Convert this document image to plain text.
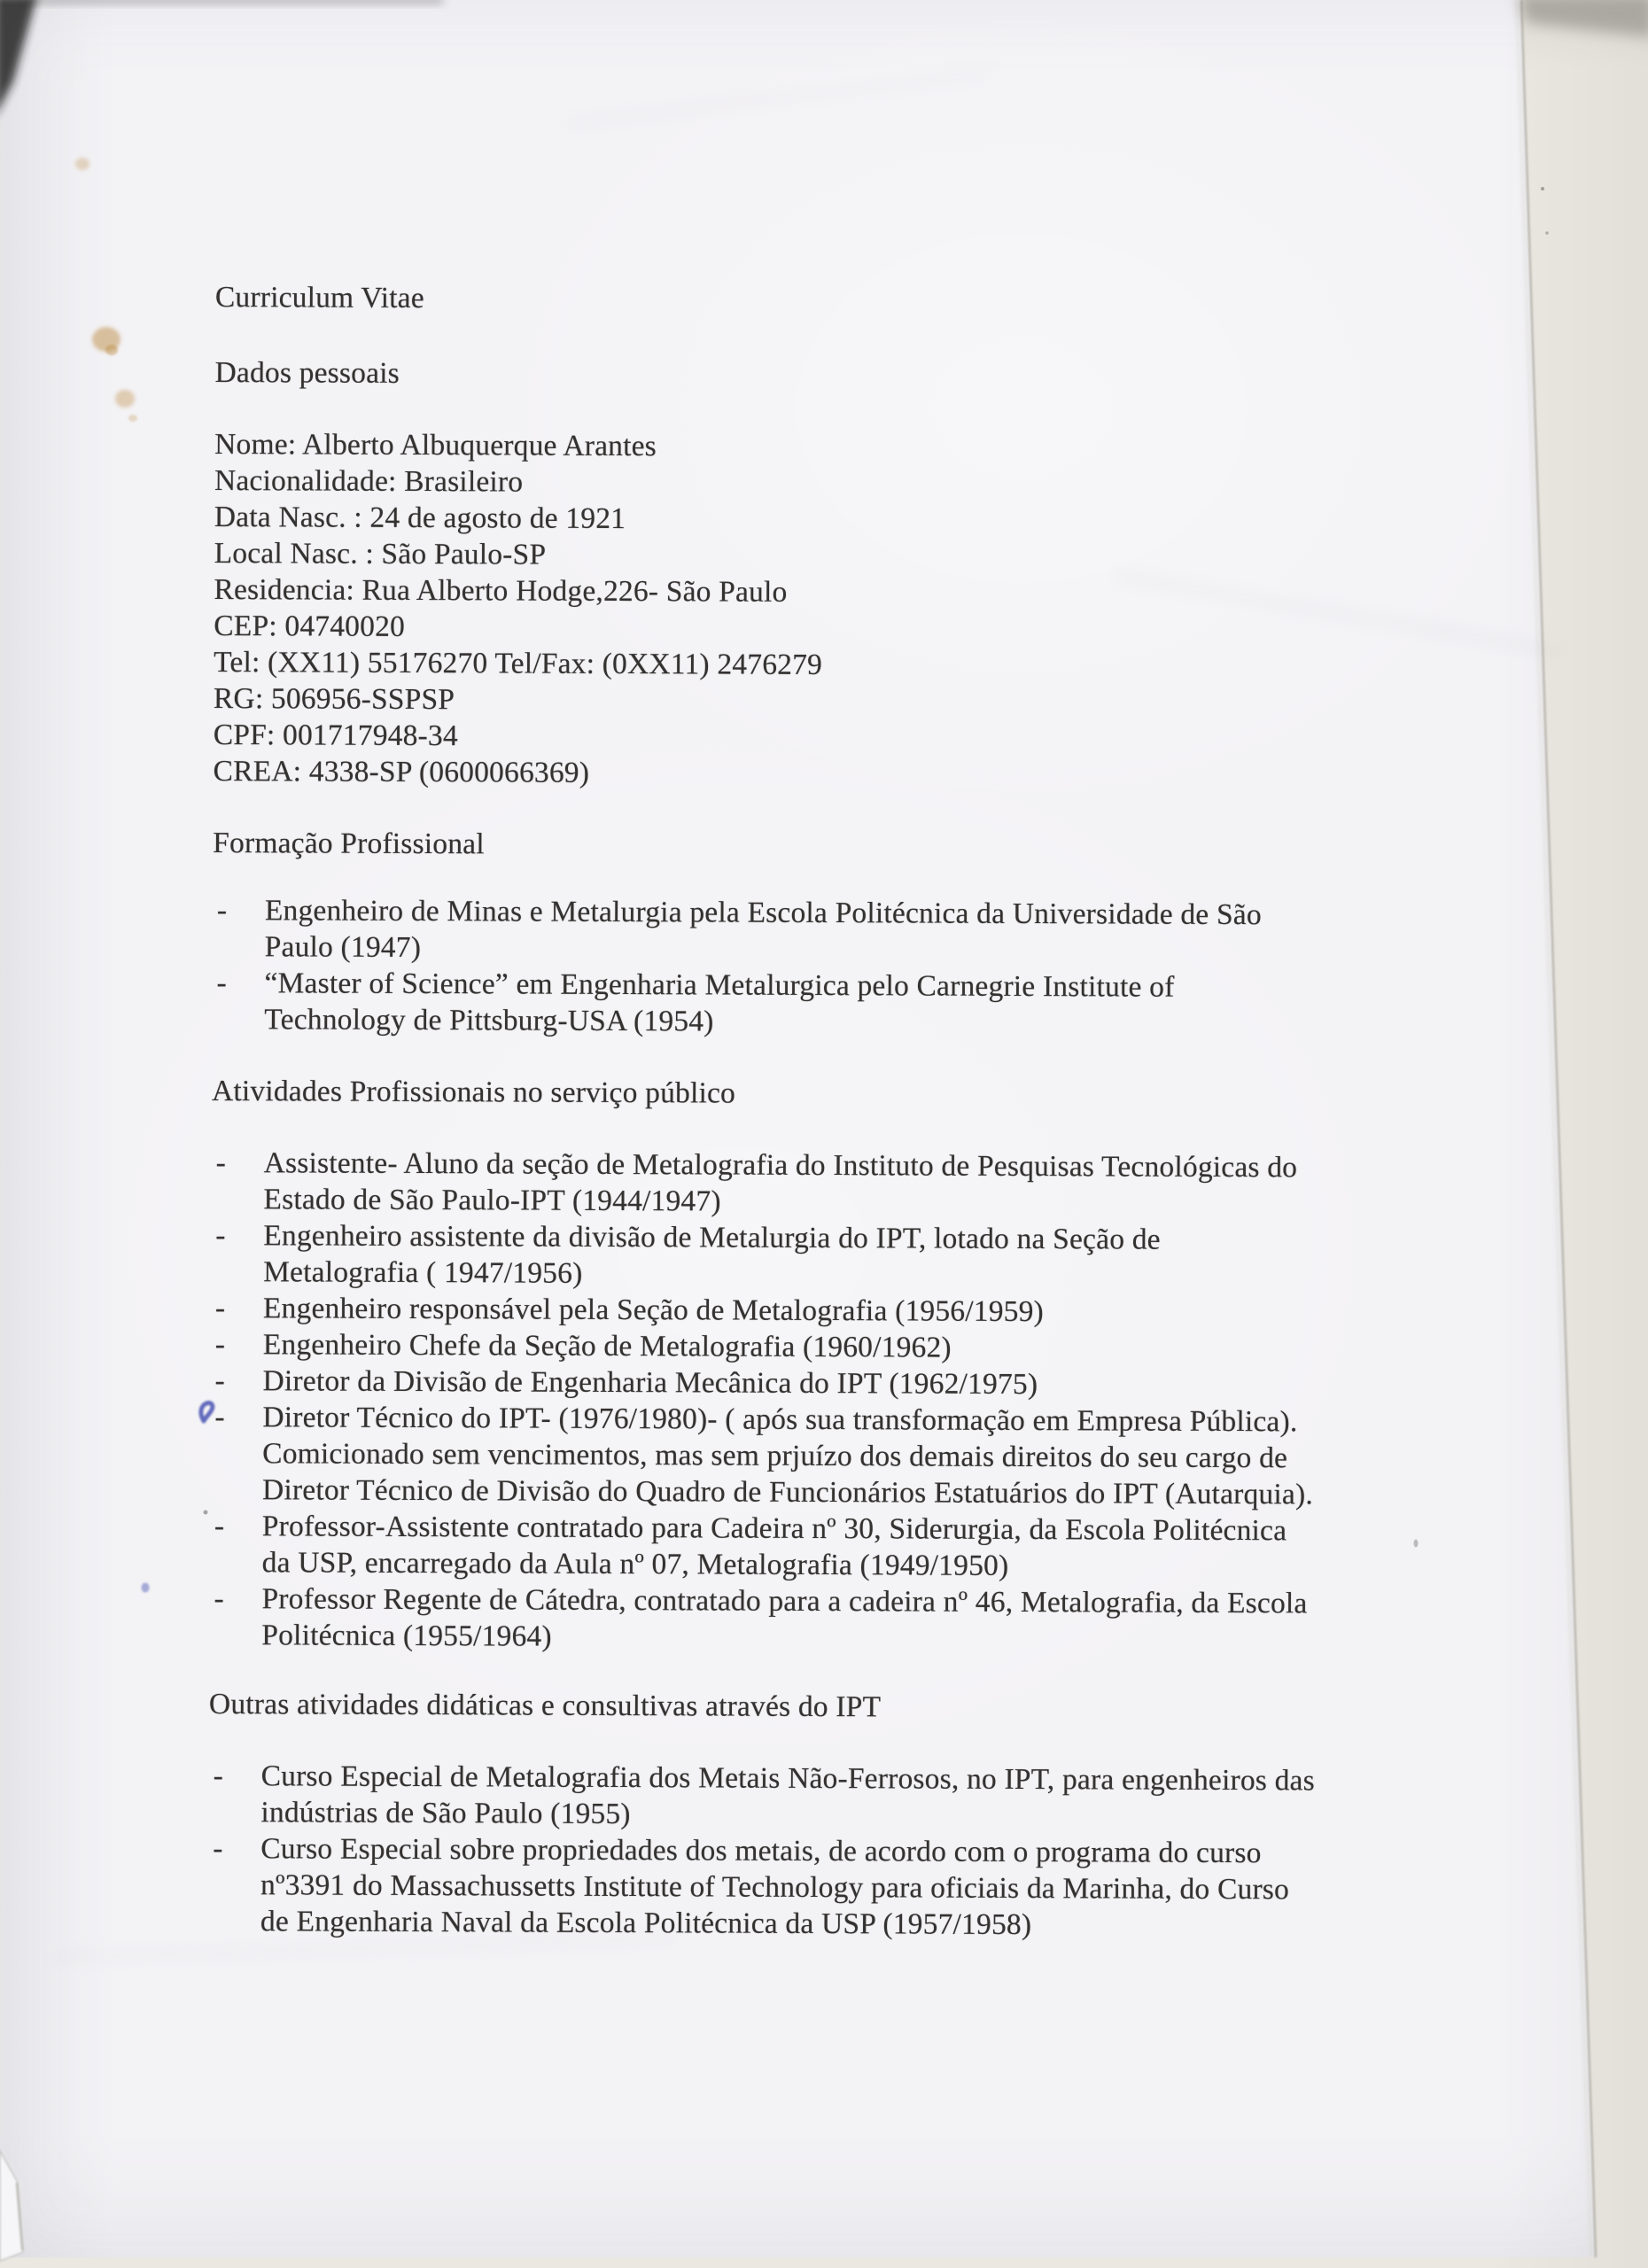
Curriculum Vitae
Dados pessoais
Nome: Alberto Albuquerque Arantes
Nacionalidade: Brasileiro
Data Nasc. : 24 de agosto de 1921
Local Nasc. : São Paulo-SP
Residencia: Rua Alberto Hodge,226- São Paulo
CEP: 04740020
Tel: (XX11) 55176270 Tel/Fax: (0XX11) 2476279
RG: 506956-SSPSP
CPF: 001717948-34
CREA: 4338-SP (0600066369)
Formação Profissional
-	Engenheiro de Minas e Metalurgia pela Escola Politécnica da Universidade de São
Paulo (1947)
-	“Master of Science” em Engenharia Metalurgica pelo Carnegrie Institute of
Technology de Pittsburg-USA (1954)
Atividades Profissionais no serviço público
-	Assistente- Aluno da seção de Metalografia do Instituto de Pesquisas Tecnológicas do
Estado de São Paulo-IPT (1944/1947)
-	Engenheiro assistente da divisão de Metalurgia do IPT, lotado na Seção de
Metalografia ( 1947/1956)
-	Engenheiro responsável pela Seção de Metalografia (1956/1959)
-	Engenheiro Chefe da Seção de Metalografia (1960/1962)
-	Diretor da Divisão de Engenharia Mecânica do IPT (1962/1975)
-	Diretor Técnico do IPT- (1976/1980)- ( após sua transformação em Empresa Pública).
Comicionado sem vencimentos, mas sem prjuízo dos demais direitos do seu cargo de
Diretor Técnico de Divisão do Quadro de Funcionários Estatuários do IPT (Autarquia).
-	Professor-Assistente contratado para Cadeira nº 30, Siderurgia, da Escola Politécnica
da USP, encarregado da Aula nº 07, Metalografia (1949/1950)
-	Professor Regente de Cátedra, contratado para a cadeira nº 46, Metalografia, da Escola
Politécnica (1955/1964)
Outras atividades didáticas e consultivas através do IPT
-	Curso Especial de Metalografia dos Metais Não-Ferrosos, no IPT, para engenheiros das
indústrias de São Paulo (1955)
-	Curso Especial sobre propriedades dos metais, de acordo com o programa do curso
nº3391 do Massachussetts Institute of Technology para oficiais da Marinha, do Curso
de Engenharia Naval da Escola Politécnica da USP (1957/1958)
